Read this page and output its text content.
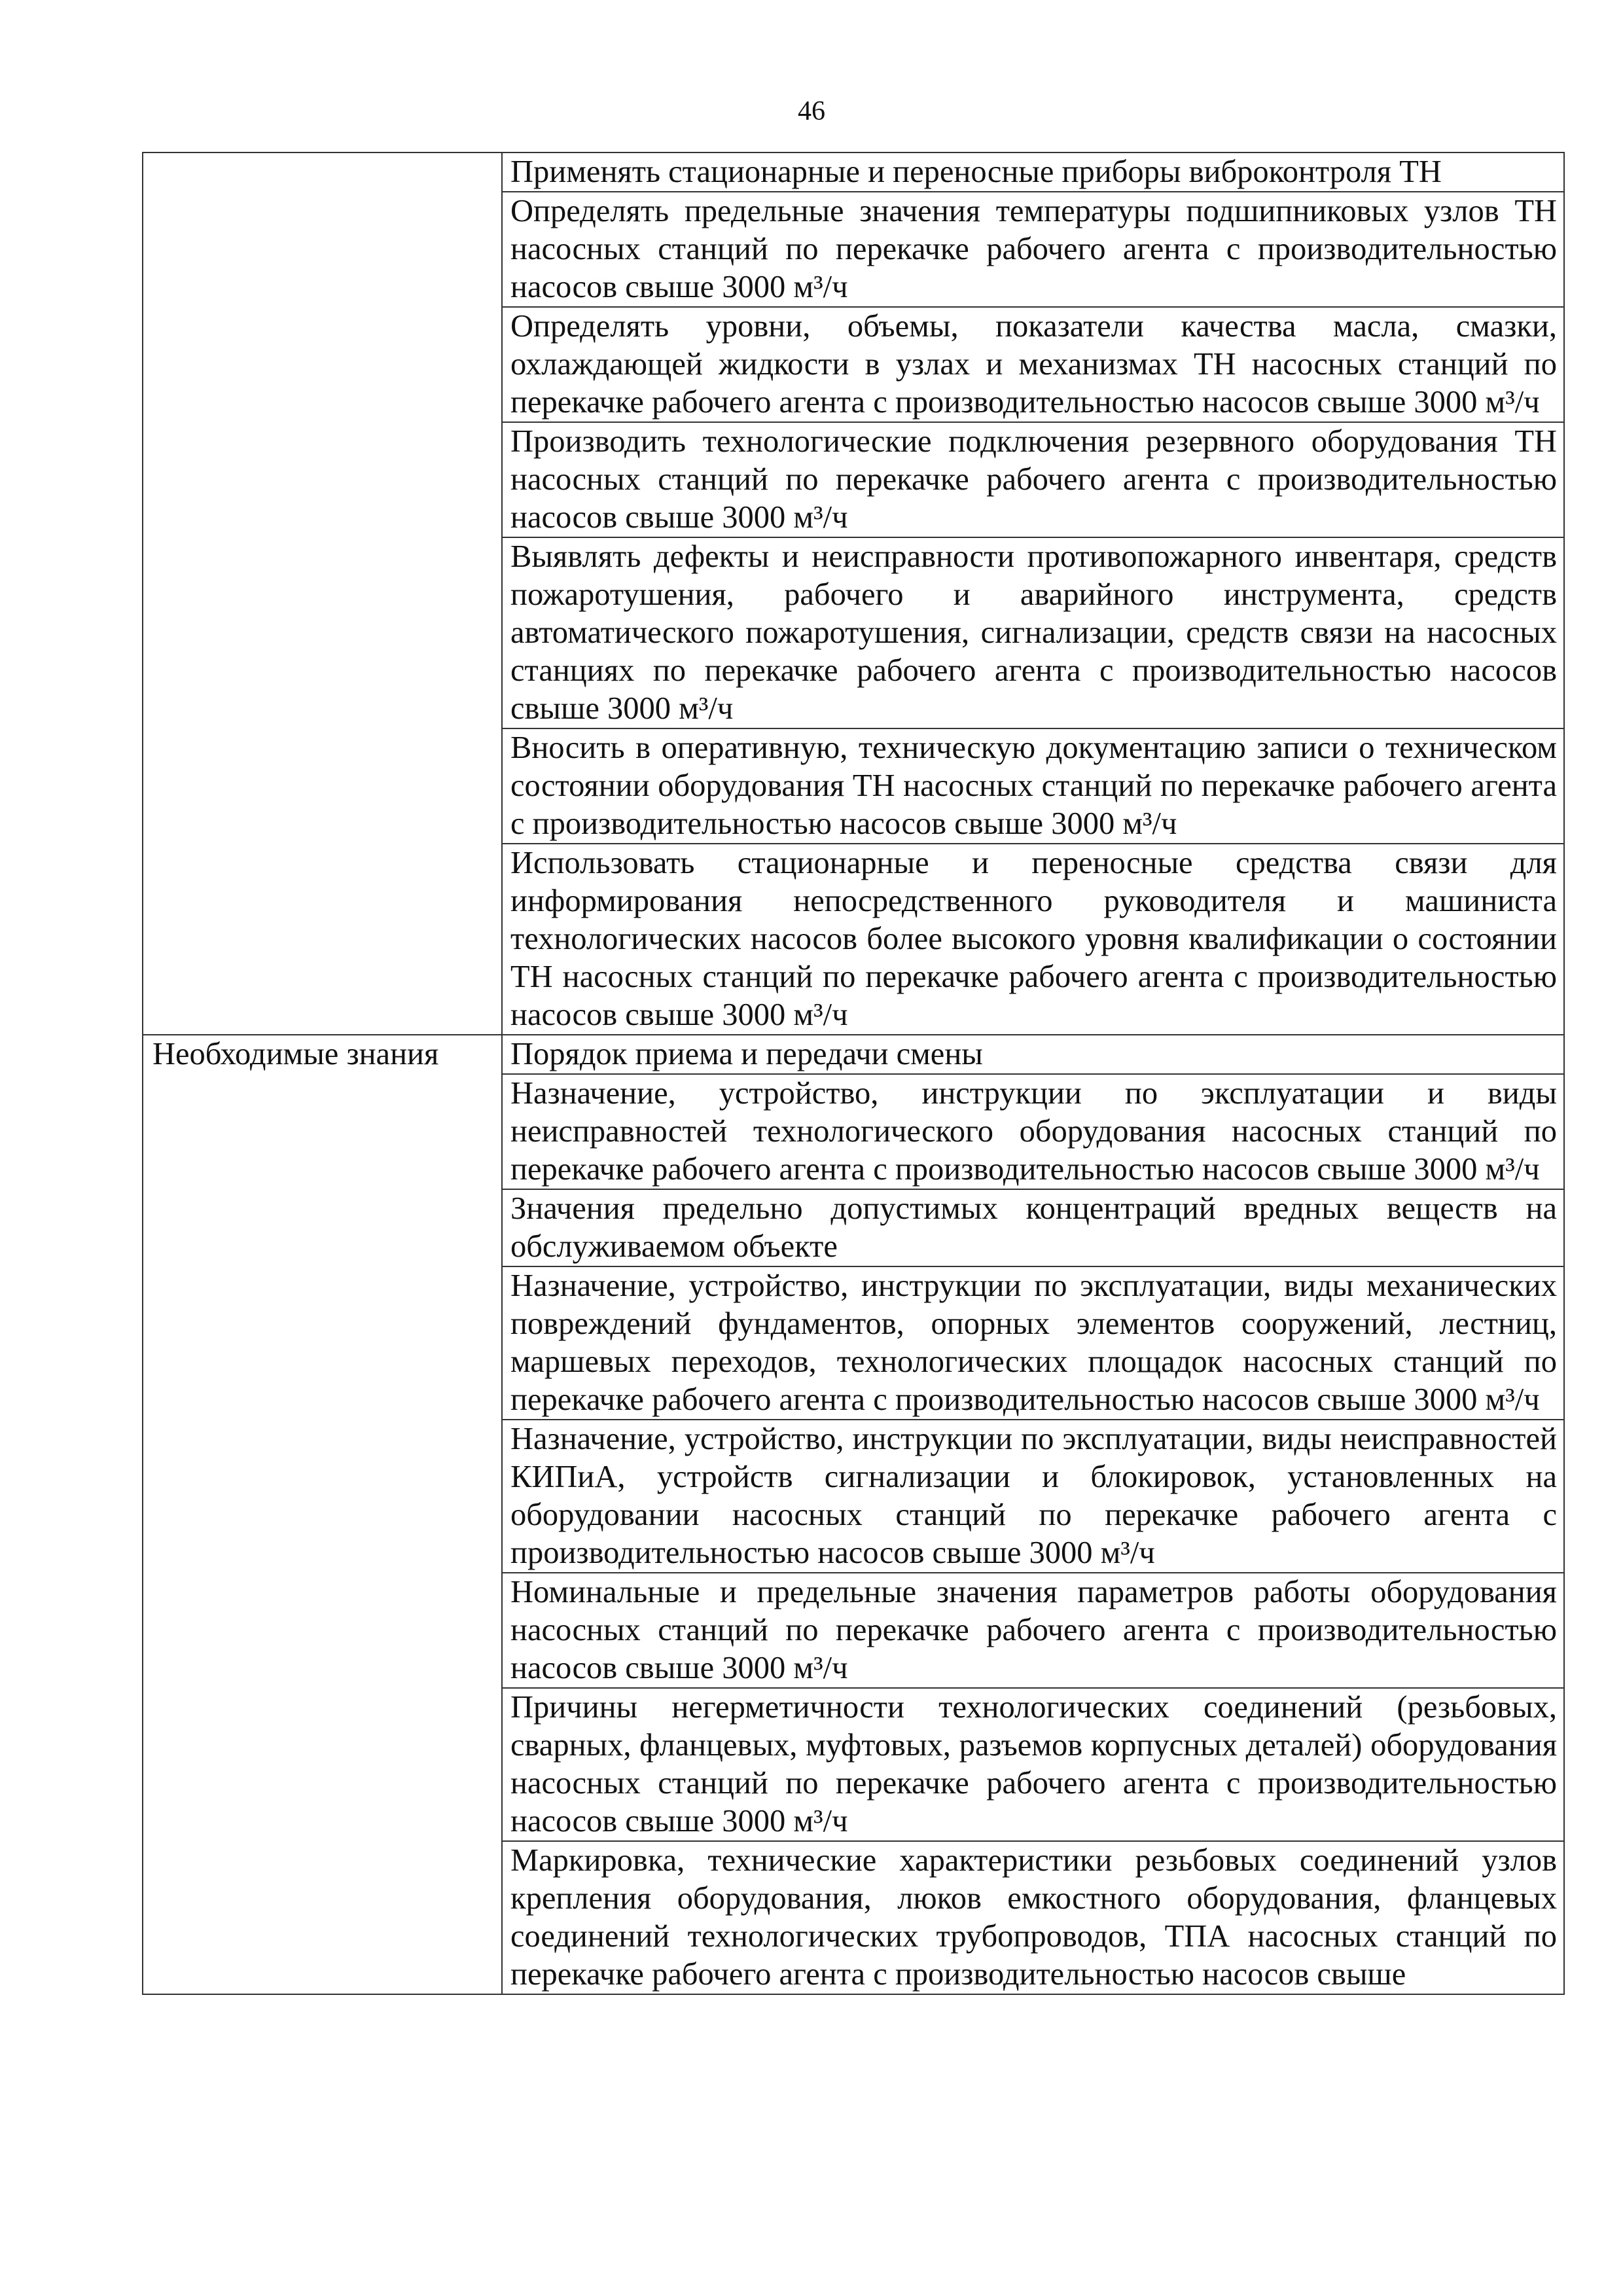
46
	Применять стационарные и переносные приборы виброконтроля ТН
	Определять предельные значения температуры подшипниковых узлов ТН насосных станций по перекачке рабочего агента с производительностью насосов свыше 3000 м³/ч
	Определять уровни, объемы, показатели качества масла, смазки, охлаждающей жидкости в узлах и механизмах ТН насосных станций по перекачке рабочего агента с производительностью насосов свыше 3000 м³/ч
	Производить технологические подключения резервного оборудования ТН насосных станций по перекачке рабочего агента с производительностью насосов свыше 3000 м³/ч
	Выявлять дефекты и неисправности противопожарного инвентаря, средств пожаротушения, рабочего и аварийного инструмента, средств автоматического пожаротушения, сигнализации, средств связи на насосных станциях по перекачке рабочего агента с производительностью насосов свыше 3000 м³/ч
	Вносить в оперативную, техническую документацию записи о техническом состоянии оборудования ТН насосных станций по перекачке рабочего агента с производительностью насосов свыше 3000 м³/ч
	Использовать стационарные и переносные средства связи для информирования непосредственного руководителя и машиниста технологических насосов более высокого уровня квалификации о состоянии ТН насосных станций по перекачке рабочего агента с производительностью насосов свыше 3000 м³/ч
Необходимые знания	Порядок приема и передачи смены
	Назначение, устройство, инструкции по эксплуатации и виды неисправностей технологического оборудования насосных станций по перекачке рабочего агента с производительностью насосов свыше 3000 м³/ч
	Значения предельно допустимых концентраций вредных веществ на обслуживаемом объекте
	Назначение, устройство, инструкции по эксплуатации, виды механических повреждений фундаментов, опорных элементов сооружений, лестниц, маршевых переходов, технологических площадок насосных станций по перекачке рабочего агента с производительностью насосов свыше 3000 м³/ч
	Назначение, устройство, инструкции по эксплуатации, виды неисправностей КИПиА, устройств сигнализации и блокировок, установленных на оборудовании насосных станций по перекачке рабочего агента с производительностью насосов свыше 3000 м³/ч
	Номинальные и предельные значения параметров работы оборудования насосных станций по перекачке рабочего агента с производительностью насосов свыше 3000 м³/ч
	Причины негерметичности технологических соединений (резьбовых, сварных, фланцевых, муфтовых, разъемов корпусных деталей) оборудования насосных станций по перекачке рабочего агента с производительностью насосов свыше 3000 м³/ч
	Маркировка, технические характеристики резьбовых соединений узлов крепления оборудования, люков емкостного оборудования, фланцевых соединений технологических трубопроводов, ТПА насосных станций по перекачке рабочего агента с производительностью насосов свыше
